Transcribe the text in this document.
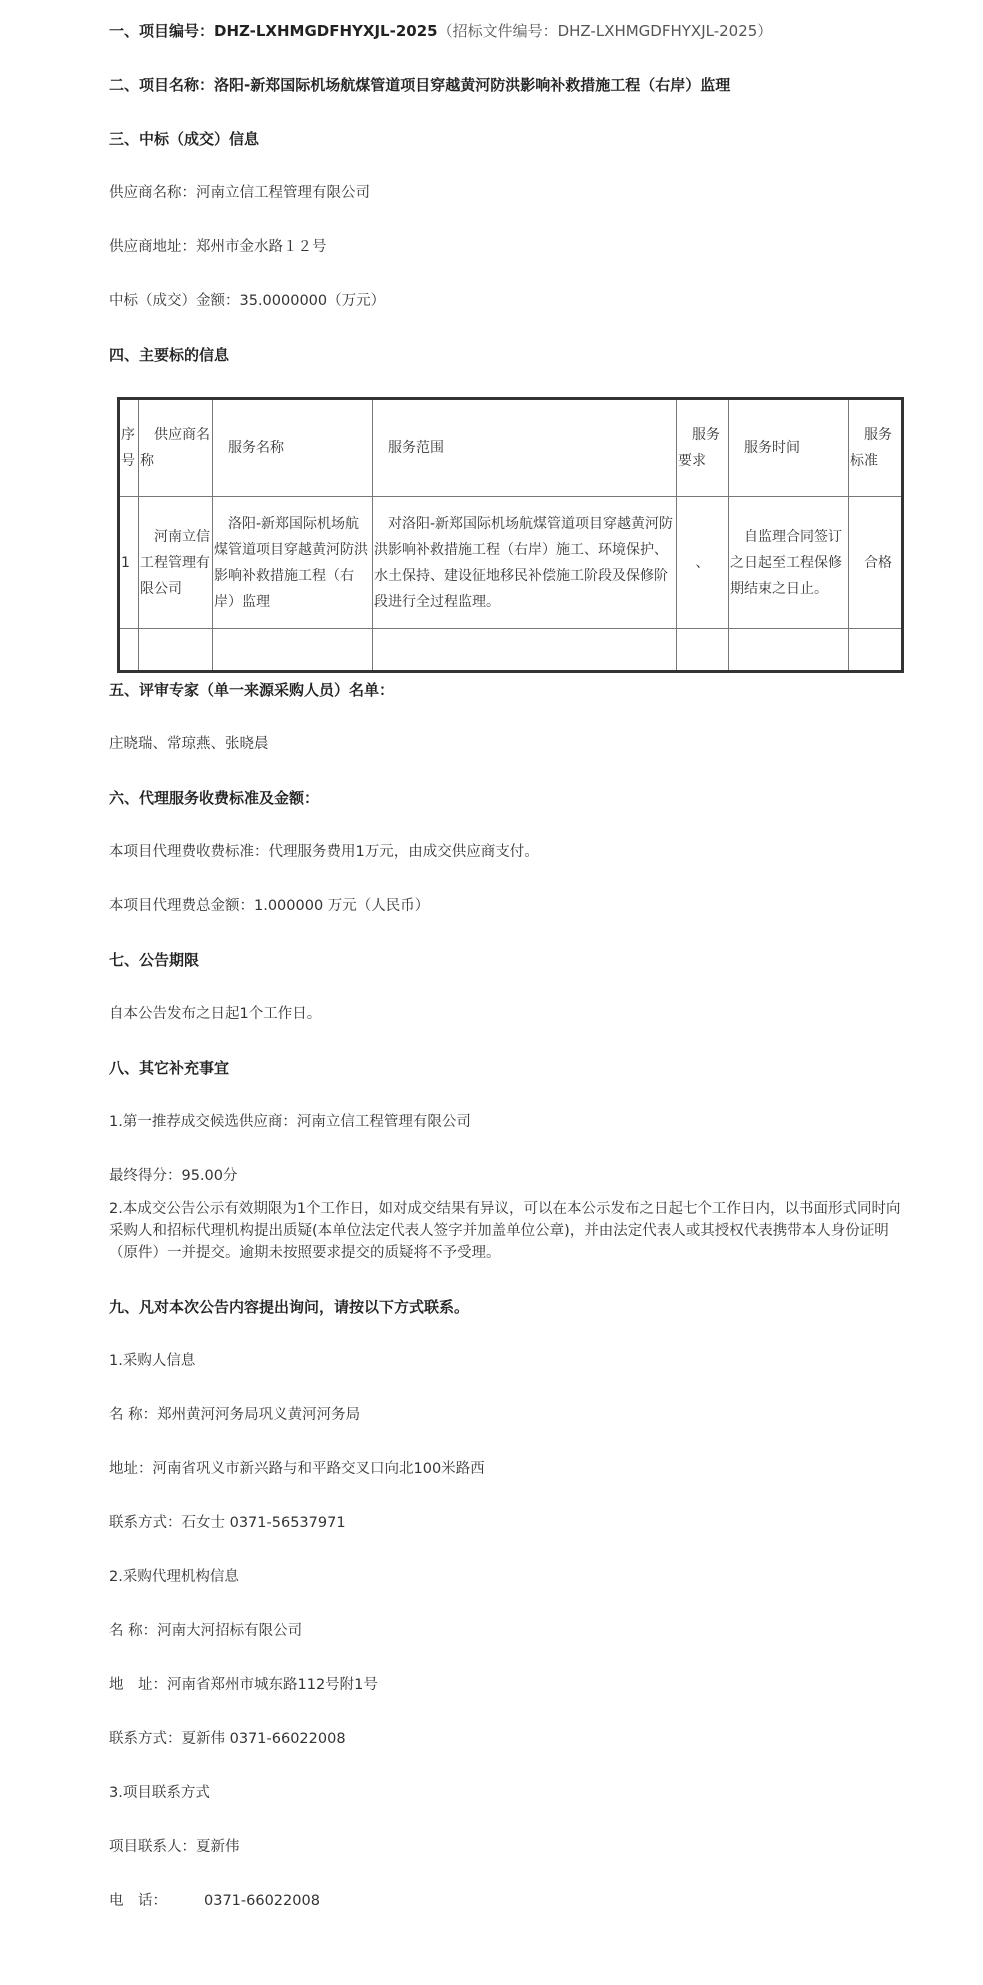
一、项目编号：DHZ-LXHMGDFHYXJL-2025（招标文件编号：DHZ-LXHMGDFHYXJL-2025）
二、项目名称：洛阳-新郑国际机场航煤管道项目穿越黄河防洪影响补救措施工程（右岸）监理
三、中标（成交）信息
供应商名称：河南立信工程管理有限公司
供应商地址：郑州市金水路１２号
中标（成交）金额：35.0000000（万元）
四、主要标的信息
序号	供应商名称	服务名称	服务范围	服务要求	服务时间	服务标准
1	河南立信工程管理有限公司	洛阳-新郑国际机场航煤管道项目穿越黄河防洪影响补救措施工程（右岸）监理	对洛阳-新郑国际机场航煤管道项目穿越黄河防洪影响补救措施工程（右岸）施工、环境保护、水土保持、建设征地移民补偿施工阶段及保修阶段进行全过程监理。	、	自监理合同签订之日起至工程保修期结束之日止。	合格

五、评审专家（单一来源采购人员）名单：
庄晓瑞、常琼燕、张晓晨
六、代理服务收费标准及金额：
本项目代理费收费标准：代理服务费用1万元，由成交供应商支付。
本项目代理费总金额：1.000000 万元（人民币）
七、公告期限
自本公告发布之日起1个工作日。
八、其它补充事宜
1.第一推荐成交候选供应商：河南立信工程管理有限公司
最终得分：95.00分
2.本成交公告公示有效期限为1个工作日，如对成交结果有异议，可以在本公示发布之日起七个工作日内，以书面形式同时向采购人和招标代理机构提出质疑(本单位法定代表人签字并加盖单位公章)，并由法定代表人或其授权代表携带本人身份证明（原件）一并提交。逾期未按照要求提交的质疑将不予受理。
九、凡对本次公告内容提出询问，请按以下方式联系。
1.采购人信息
名 称：郑州黄河河务局巩义黄河河务局
地址：河南省巩义市新兴路与和平路交叉口向北100米路西
联系方式：石女士 0371-56537971
2.采购代理机构信息
名 称：河南大河招标有限公司
地　址：河南省郑州市城东路112号附1号
联系方式：夏新伟 0371-66022008
3.项目联系方式
项目联系人：夏新伟
电　话：	0371-66022008
